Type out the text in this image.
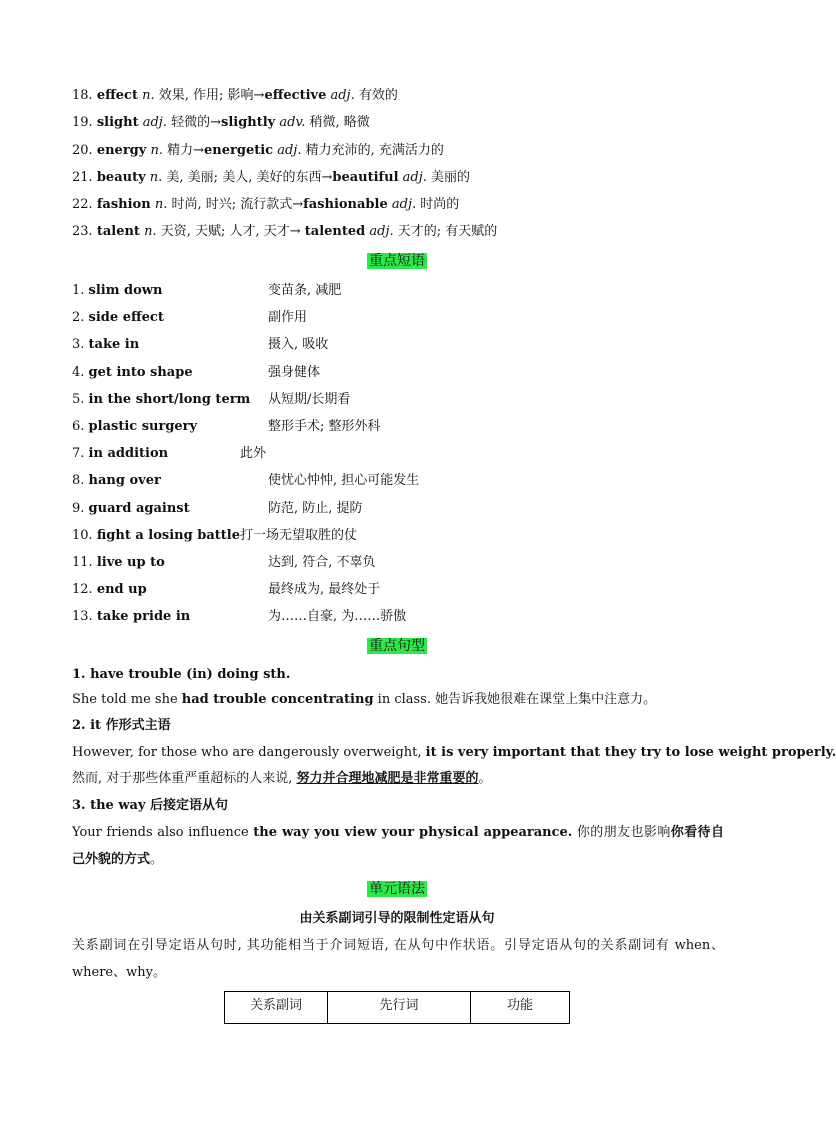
18. effect n. 效果, 作用; 影响→effective adj. 有效的
19. slight adj. 轻微的→slightly adv. 稍微, 略微
20. energy n. 精力→energetic adj. 精力充沛的, 充满活力的
21. beauty n. 美, 美丽; 美人, 美好的东西→beautiful adj. 美丽的
22. fashion n. 时尚, 时兴; 流行款式→fashionable adj. 时尚的
23. talent n. 天资, 天赋; 人才, 天才→ talented adj. 天才的; 有天赋的
重点短语
1. slim down	变苗条, 减肥
2. side effect	副作用
3. take in	摄入, 吸收
4. get into shape	强身健体
5. in the short/long term 从短期/长期看
6. plastic surgery	整形手术; 整形外科
7. in addition	此外
8. hang over	使忧心忡忡, 担心可能发生
9. guard against	防范, 防止, 提防
10. fight a losing battle 打一场无望取胜的仗
11. live up to	达到, 符合, 不辜负
12. end up	最终成为, 最终处于
13. take pride in	为……自豪, 为……骄傲
重点句型
1. have trouble (in) doing sth.
She told me she had trouble concentrating in class. 她告诉我她很难在课堂上集中注意力。
2. it 作形式主语
However, for those who are dangerously overweight, it is very important that they try to lose weight properly.
然而, 对于那些体重严重超标的人来说, 努力并合理地减肥是非常重要的。
3. the way 后接定语从句
Your friends also influence the way you view your physical appearance. 你的朋友也影响你看待自己外貌的方式。
单元语法
由关系副词引导的限制性定语从句
关系副词在引导定语从句时, 其功能相当于介词短语, 在从句中作状语。引导定语从句的关系副词有 when、where、why。
关系副词	先行词	功能
